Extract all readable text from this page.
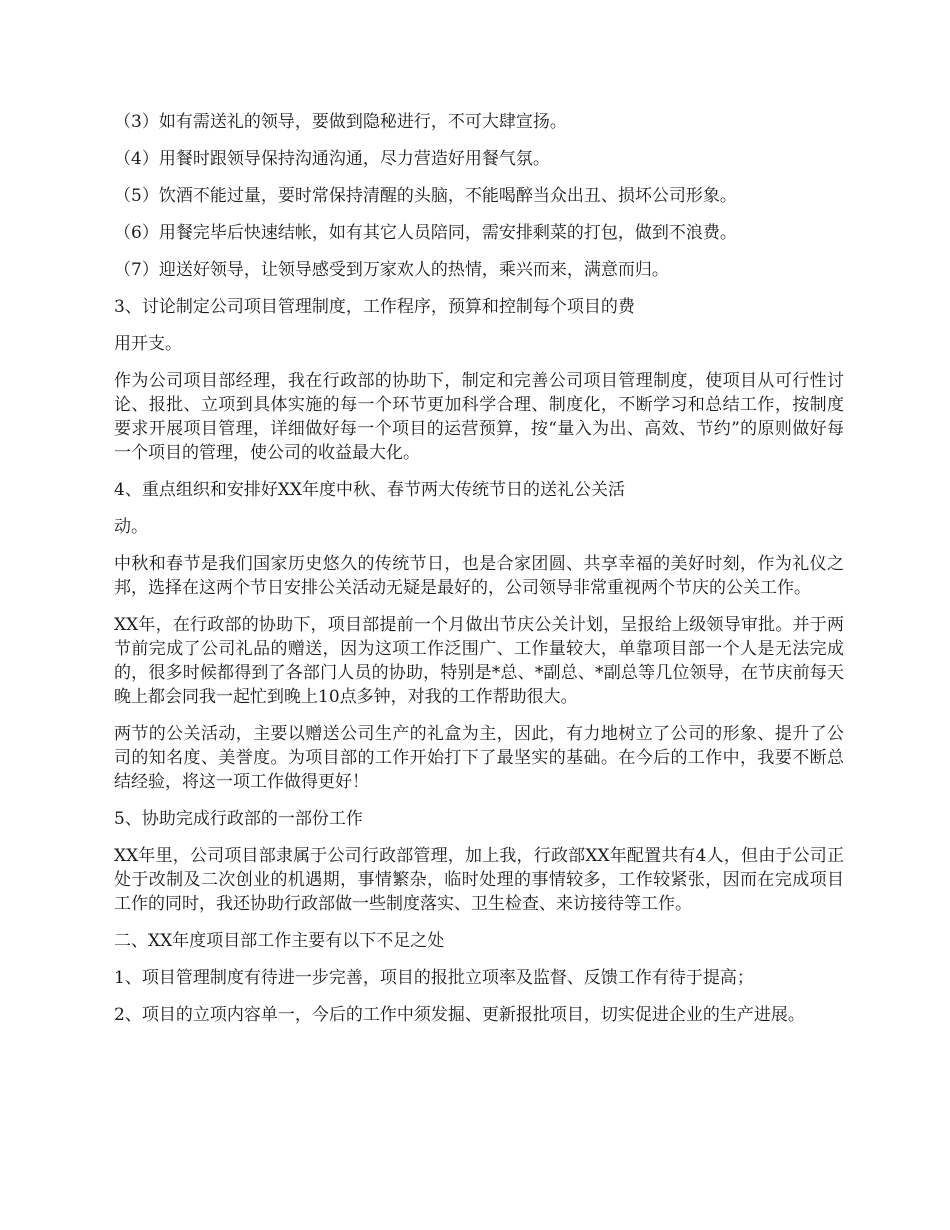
（3）如有需送礼的领导，要做到隐秘进行，不可大肆宣扬。

（4）用餐时跟领导保持沟通沟通，尽力营造好用餐气氛。

（5）饮酒不能过量，要时常保持清醒的头脑，不能喝醉当众出丑、损坏公司形象。

（6）用餐完毕后快速结帐，如有其它人员陪同，需安排剩菜的打包，做到不浪费。

（7）迎送好领导，让领导感受到万家欢人的热情，乘兴而来，满意而归。

3、讨论制定公司项目管理制度，工作程序，预算和控制每个项目的费

用开支。

作为公司项目部经理，我在行政部的协助下，制定和完善公司项目管理制度，使项目从可行性讨论、报批、立项到具体实施的每一个环节更加科学合理、制度化，不断学习和总结工作，按制度要求开展项目管理，详细做好每一个项目的运营预算，按“量入为出、高效、节约”的原则做好每一个项目的管理，使公司的收益最大化。

4、重点组织和安排好XX年度中秋、春节两大传统节日的送礼公关活

动。

中秋和春节是我们国家历史悠久的传统节日，也是合家团圆、共享幸福的美好时刻，作为礼仪之邦，选择在这两个节日安排公关活动无疑是最好的，公司领导非常重视两个节庆的公关工作。

XX年，在行政部的协助下，项目部提前一个月做出节庆公关计划，呈报给上级领导审批。并于两节前完成了公司礼品的赠送，因为这项工作泛围广、工作量较大，单靠项目部一个人是无法完成的，很多时候都得到了各部门人员的协助，特别是*总、*副总、*副总等几位领导，在节庆前每天晚上都会同我一起忙到晚上10点多钟，对我的工作帮助很大。

两节的公关活动，主要以赠送公司生产的礼盒为主，因此，有力地树立了公司的形象、提升了公司的知名度、美誉度。为项目部的工作开始打下了最坚实的基础。在今后的工作中，我要不断总结经验，将这一项工作做得更好！

5、协助完成行政部的一部份工作

XX年里，公司项目部隶属于公司行政部管理，加上我，行政部XX年配置共有4人，但由于公司正处于改制及二次创业的机遇期，事情繁杂，临时处理的事情较多，工作较紧张，因而在完成项目工作的同时，我还协助行政部做一些制度落实、卫生检查、来访接待等工作。

二、XX年度项目部工作主要有以下不足之处

1、项目管理制度有待进一步完善，项目的报批立项率及监督、反馈工作有待于提高；

2、项目的立项内容单一，今后的工作中须发掘、更新报批项目，切实促进企业的生产进展。
